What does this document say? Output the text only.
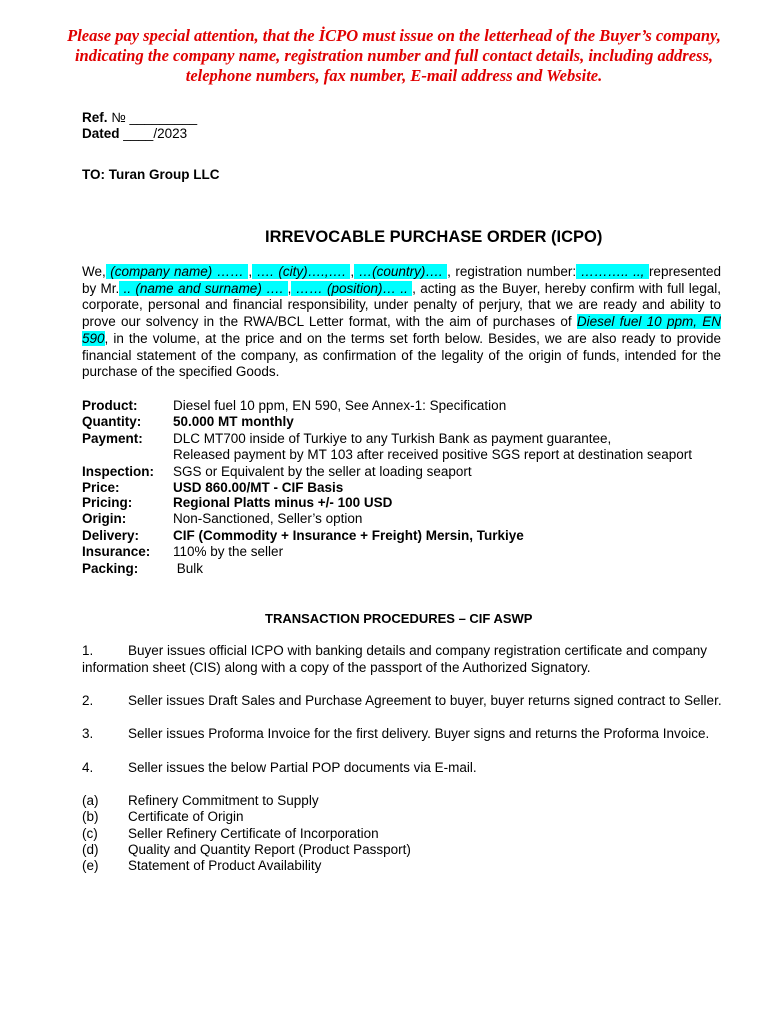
Please pay special attention, that the İCPO must issue on the letterhead of the Buyer’s company, indicating the company name, registration number and full contact details, including address, telephone numbers, fax number, E-mail address and Website.
Ref. № _________
Dated ____/2023
TO: Turan Group LLC
IRREVOCABLE PURCHASE ORDER (ICPO)
We, (company name) …… , …. (city)….,…. , …(country)…. , registration number: ……….. .., represented by Mr. .. (name and surname) …. , …… (position)… .. , acting as the Buyer, hereby confirm with full legal, corporate, personal and financial responsibility, under penalty of perjury, that we are ready and ability to prove our solvency in the RWA/BCL Letter format, with the aim of purchases of Diesel fuel 10 ppm, EN 590, in the volume, at the price and on the terms set forth below. Besides, we are also ready to provide financial statement of the company, as confirmation of the legality of the origin of funds, intended for the purchase of the specified Goods.
Product:	Diesel fuel 10 ppm, EN 590, See Annex-1: Specification
Quantity: 50.000 MT monthly
Payment: DLC MT700 inside of Turkiye to any Turkish Bank as payment guarantee,
Released payment by MT 103 after received positive SGS report at destination seaport
Inspection: SGS or Equivalent by the seller at loading seaport
Price:	USD 860.00/MT - CIF Basis
Pricing:	Regional Platts minus +/- 100 USD
Origin:	Non-Sanctioned, Seller’s option
Delivery:	CIF (Commodity + Insurance + Freight) Mersin, Turkiye
Insurance: 110% by the seller
Packing:	Bulk
TRANSACTION PROCEDURES – CIF ASWP
1.	Buyer issues official ICPO with banking details and company registration certificate and company information sheet (CIS) along with a copy of the passport of the Authorized Signatory.
2.	Seller issues Draft Sales and Purchase Agreement to buyer, buyer returns signed contract to Seller.
3.	Seller issues Proforma Invoice for the first delivery. Buyer signs and returns the Proforma Invoice.
4.	Seller issues the below Partial POP documents via E-mail.
(a) Refinery Commitment to Supply
(b) Certificate of Origin
(c) Seller Refinery Certificate of Incorporation
(d) Quality and Quantity Report (Product Passport)
(e) Statement of Product Availability
